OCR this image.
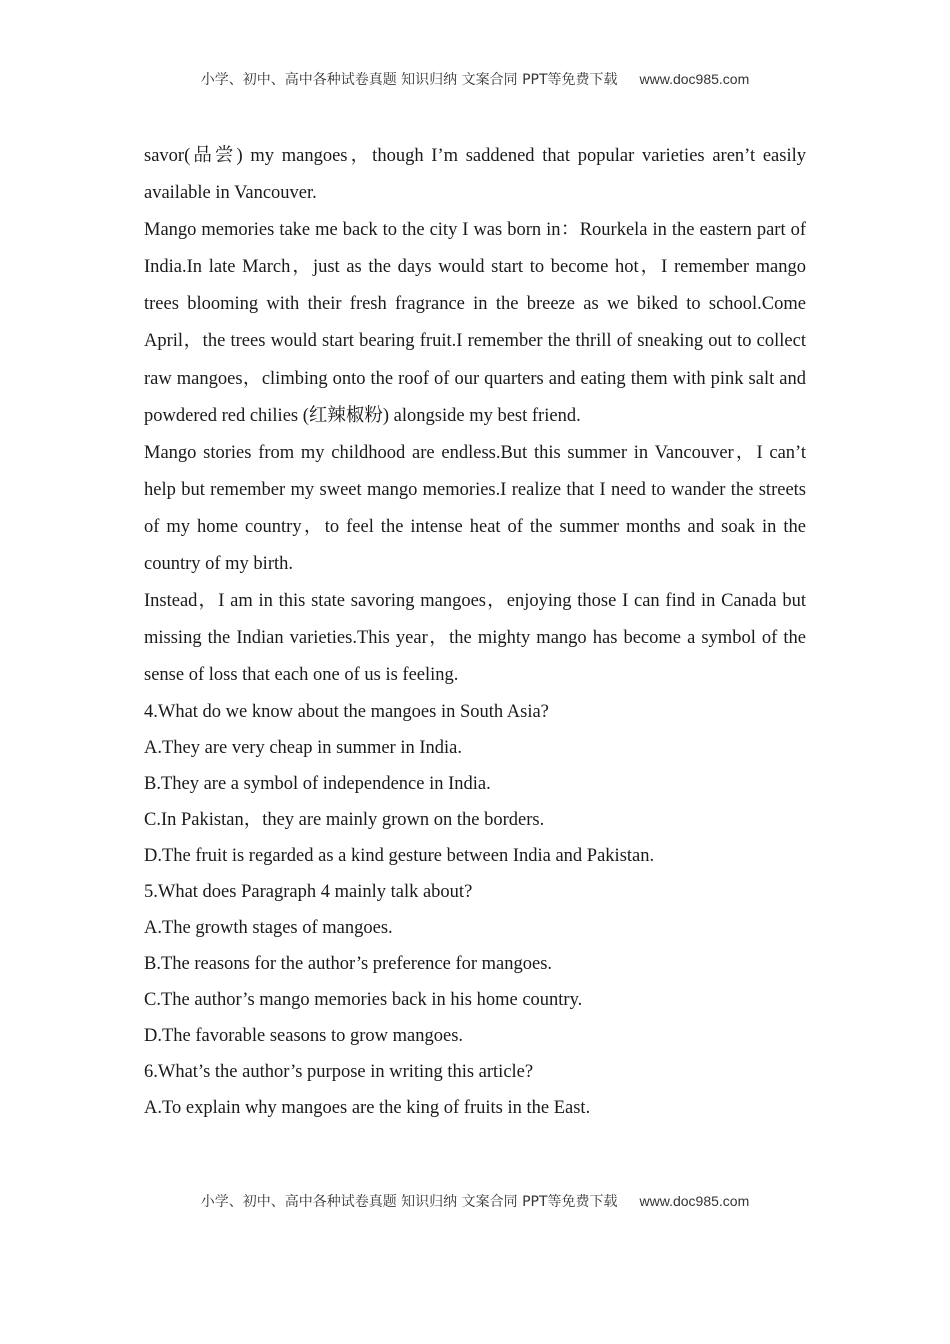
小学、初中、高中各种试卷真题 知识归纳 文案合同 PPT等免费下载 www.doc985.com

savor(品尝) my mangoes，though I’m saddened that popular varieties aren’t easily available in Vancouver.

Mango memories take me back to the city I was born in：Rourkela in the eastern part of India.In late March，just as the days would start to become hot，I remember mango trees blooming with their fresh fragrance in the breeze as we biked to school.Come April，the trees would start bearing fruit.I remember the thrill of sneaking out to collect raw mangoes，climbing onto the roof of our quarters and eating them with pink salt and powdered red chilies (红辣椒粉) alongside my best friend.

Mango stories from my childhood are endless.But this summer in Vancouver，I can’t help but remember my sweet mango memories.I realize that I need to wander the streets of my home country，to feel the intense heat of the summer months and soak in the country of my birth.

Instead，I am in this state savoring mangoes，enjoying those I can find in Canada but missing the Indian varieties.This year，the mighty mango has become a symbol of the sense of loss that each one of us is feeling.

4.What do we know about the mangoes in South Asia?

A.They are very cheap in summer in India.

B.They are a symbol of independence in India.

C.In Pakistan，they are mainly grown on the borders.

D.The fruit is regarded as a kind gesture between India and Pakistan.

5.What does Paragraph 4 mainly talk about?

A.The growth stages of mangoes.

B.The reasons for the author’s preference for mangoes.

C.The author’s mango memories back in his home country.

D.The favorable seasons to grow mangoes.

6.What’s the author’s purpose in writing this article?

A.To explain why mangoes are the king of fruits in the East.

小学、初中、高中各种试卷真题 知识归纳 文案合同 PPT等免费下载 www.doc985.com
